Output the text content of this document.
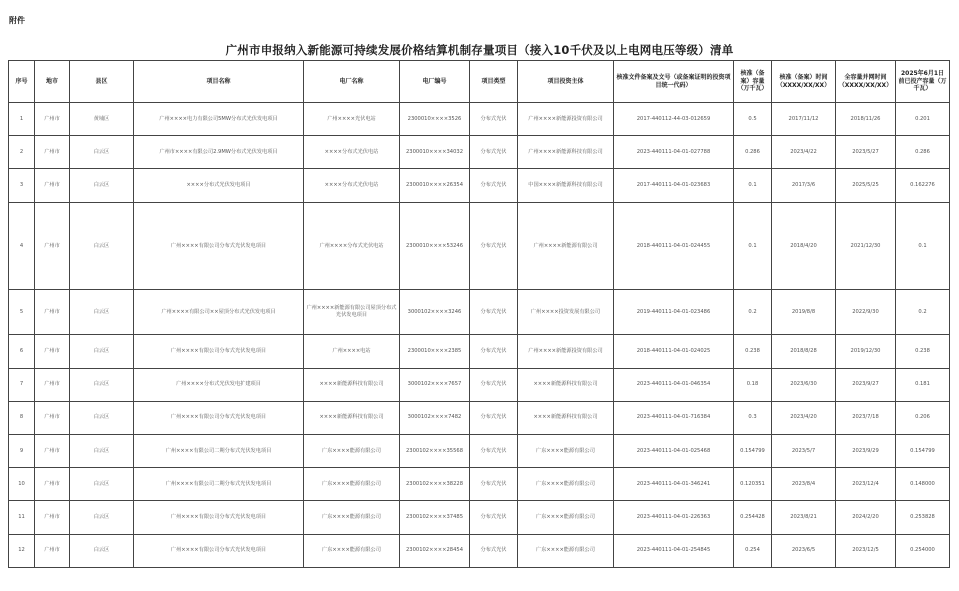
附件
广州市申报纳入新能源可持续发展价格结算机制存量项目（接入10千伏及以上电网电压等级）清单
序号	地市	县区	项目名称	电厂名称	电厂编号	项目类型	项目投资主体	核准文件备案及文号（或备案证明的投资项目统一代码）	核准（备案）容量（万千瓦）	核准（备案）时间（XXXX/XX/XX）	全容量并网时间（XXXX/XX/XX）	2025年6月1日前已投产容量（万千瓦）
1	广州市	黄埔区	广州××××电力有限公司5MW分布式光伏发电项目	广州××××光伏电站	2300010××××3526	分布式光伏	广州××××新能源投资有限公司	2017-440112-44-03-012659	0.5	2017/11/12	2018/11/26	0.201
2	广州市	白云区	广州市××××有限公司2.9MW分布式光伏发电项目	××××分布式光伏电站	2300010××××34032	分布式光伏	广州××××新能源科技有限公司	2023-440111-04-01-027788	0.286	2023/4/22	2023/5/27	0.286
3	广州市	白云区	××××分布式光伏发电项目	××××分布式光伏电站	2300010××××26354	分布式光伏	中国××××新能源科技有限公司	2017-440111-04-01-023683	0.1	2017/3/6	2025/5/25	0.162276
4	广州市	白云区	广州××××有限公司分布式光伏发电项目	广州××××分布式光伏电站	2300010××××53246	分布式光伏	广州××××新能源有限公司	2018-440111-04-01-024455	0.1	2018/4/20	2021/12/30	0.1
5	广州市	白云区	广州××××有限公司××屋顶分布式光伏发电项目	广州××××新能源有限公司屋顶分布式光伏发电项目	3000102××××3246	分布式光伏	广州××××投资发展有限公司	2019-440111-04-01-023486	0.2	2019/8/8	2022/9/30	0.2
6	广州市	白云区	广州××××有限公司分布式光伏发电项目	广州××××电站	2300010××××2385	分布式光伏	广州××××新能源投资有限公司	2018-440111-04-01-024025	0.238	2018/8/28	2019/12/30	0.238
7	广州市	白云区	广州××××分布式光伏发电扩建项目	××××新能源科技有限公司	3000102××××7657	分布式光伏	××××新能源科技有限公司	2023-440111-04-01-046354	0.18	2023/6/30	2023/9/27	0.181
8	广州市	白云区	广州××××有限公司分布式光伏发电项目	××××新能源科技有限公司	3000102××××7482	分布式光伏	××××新能源科技有限公司	2023-440111-04-01-716384	0.3	2023/4/20	2023/7/18	0.206
9	广州市	白云区	广州××××有限公司二期分布式光伏发电项目	广东××××能源有限公司	2300102××××35568	分布式光伏	广东××××能源有限公司	2023-440111-04-01-025468	0.154799	2023/5/7	2023/9/29	0.154799
10	广州市	白云区	广州××××有限公司二期分布式光伏发电项目	广东××××能源有限公司	2300102××××38228	分布式光伏	广东××××能源有限公司	2023-440111-04-01-346241	0.120351	2023/8/4	2023/12/4	0.148000
11	广州市	白云区	广州××××有限公司分布式光伏发电项目	广东××××能源有限公司	2300102××××37485	分布式光伏	广东××××能源有限公司	2023-440111-04-01-226363	0.254428	2023/8/21	2024/2/20	0.253828
12	广州市	白云区	广州××××有限公司分布式光伏发电项目	广东××××能源有限公司	2300102××××28454	分布式光伏	广东××××能源有限公司	2023-440111-04-01-254845	0.254	2023/6/5	2023/12/5	0.254000
